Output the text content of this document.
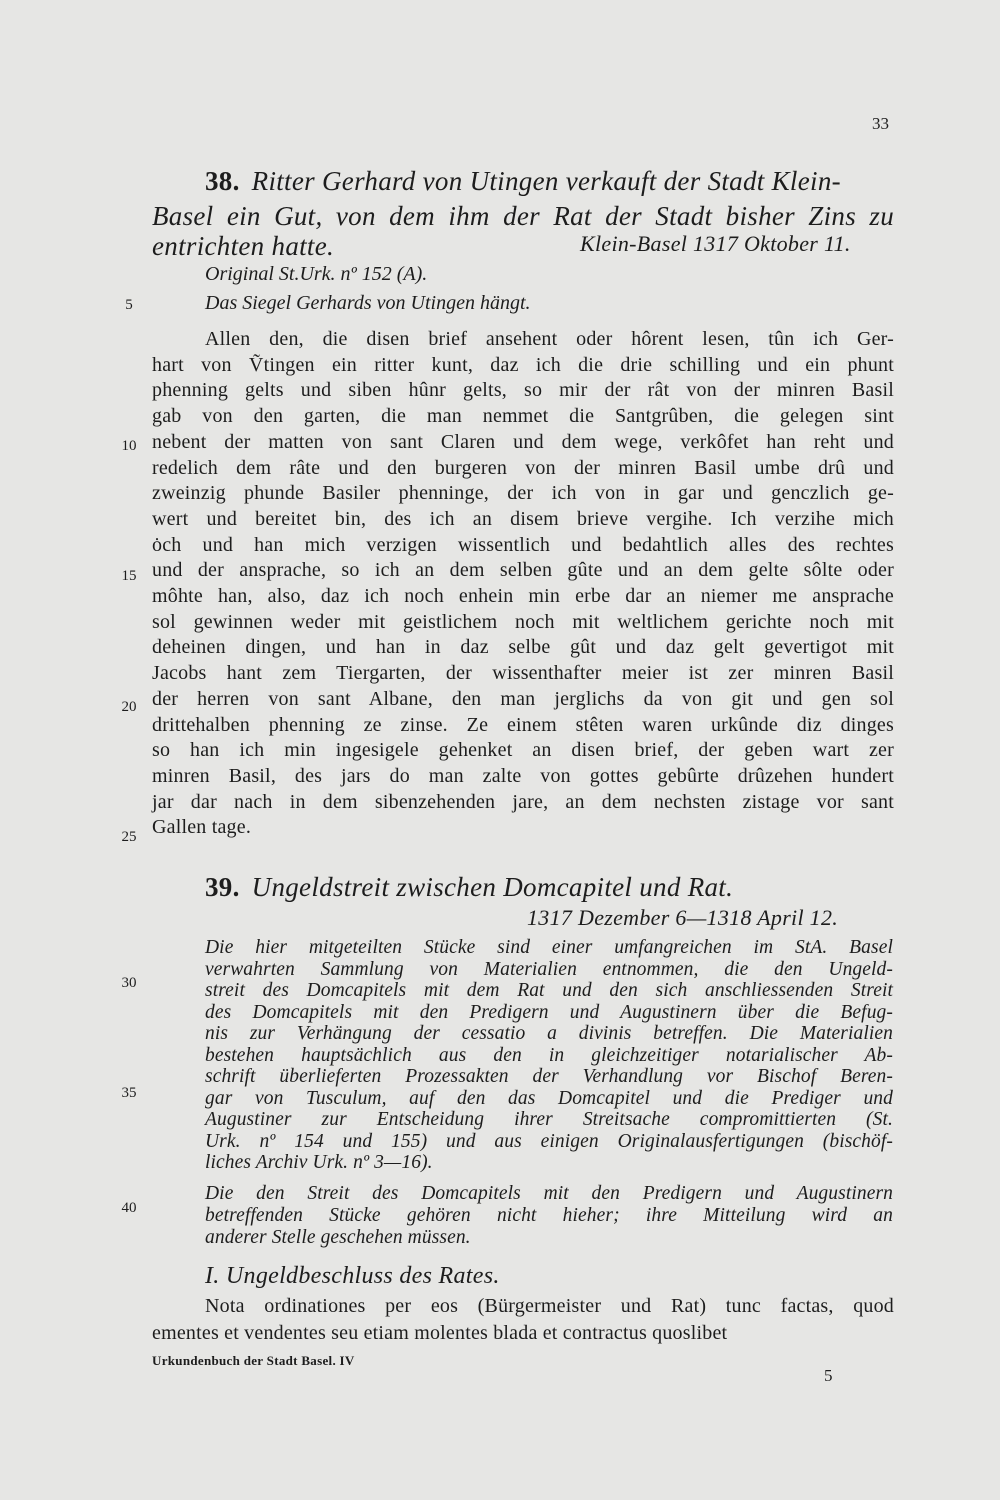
33
38. Ritter Gerhard von Utingen verkauft der Stadt Klein-
Basel ein Gut, von dem ihm der Rat der Stadt bisher Zins zu
entrichten hatte.	Klein-Basel 1317 Oktober 11.
Original St.Urk. nº 152 (A).
Das Siegel Gerhards von Utingen hängt.
Allen den, die disen brief ansehent oder hôrent lesen, tûn ich Ger-
hart von Ṽtingen ein ritter kunt, daz ich die drie schilling und ein phunt
phenning gelts und siben hûnr gelts, so mir der rât von der minren Basil
gab von den garten, die man nemmet die Santgrûben, die gelegen sint
nebent der matten von sant Claren und dem wege, verkôfet han reht und
redelich dem râte und den burgeren von der minren Basil umbe drû und
zweinzig phunde Basiler phenninge, der ich von in gar und genczlich ge-
wert und bereitet bin, des ich an disem brieve vergihe. Ich verzihe mich
ȯch und han mich verzigen wissentlich und bedahtlich alles des rechtes
und der ansprache, so ich an dem selben gûte und an dem gelte sôlte oder
môhte han, also, daz ich noch enhein min erbe dar an niemer me ansprache
sol gewinnen weder mit geistlichem noch mit weltlichem gerichte noch mit
deheinen dingen, und han in daz selbe gût und daz gelt gevertigot mit
Jacobs hant zem Tiergarten, der wissenthafter meier ist zer minren Basil
der herren von sant Albane, den man jerglichs da von git und gen sol
drittehalben phenning ze zinse. Ze einem stêten waren urkûnde diz dinges
so han ich min ingesigele gehenket an disen brief, der geben wart zer
minren Basil, des jars do man zalte von gottes gebûrte drûzehen hundert
jar dar nach in dem sibenzehenden jare, an dem nechsten zistage vor sant
Gallen tage.
39. Ungeldstreit zwischen Domcapitel und Rat.
1317 Dezember 6—1318 April 12.
Die hier mitgeteilten Stücke sind einer umfangreichen im StA. Basel
verwahrten Sammlung von Materialien entnommen, die den Ungeld-
streit des Domcapitels mit dem Rat und den sich anschliessenden Streit
des Domcapitels mit den Predigern und Augustinern über die Befug-
nis zur Verhängung der cessatio a divinis betreffen. Die Materialien
bestehen hauptsächlich aus den in gleichzeitiger notarialischer Ab-
schrift überlieferten Prozessakten der Verhandlung vor Bischof Beren-
gar von Tusculum, auf den das Domcapitel und die Prediger und
Augustiner zur Entscheidung ihrer Streitsache compromittierten (St.
Urk. nº 154 und 155) und aus einigen Originalausfertigungen (bischöf-
liches Archiv Urk. nº 3—16).
Die den Streit des Domcapitels mit den Predigern und Augustinern
betreffenden Stücke gehören nicht hieher; ihre Mitteilung wird an
anderer Stelle geschehen müssen.
I. Ungeldbeschluss des Rates.
Nota ordinationes per eos (Bürgermeister und Rat) tunc factas, quod
ementes et vendentes seu etiam molentes blada et contractus quoslibet
5
10
15
20
25
30
35
40
Urkundenbuch der Stadt Basel. IV
5
